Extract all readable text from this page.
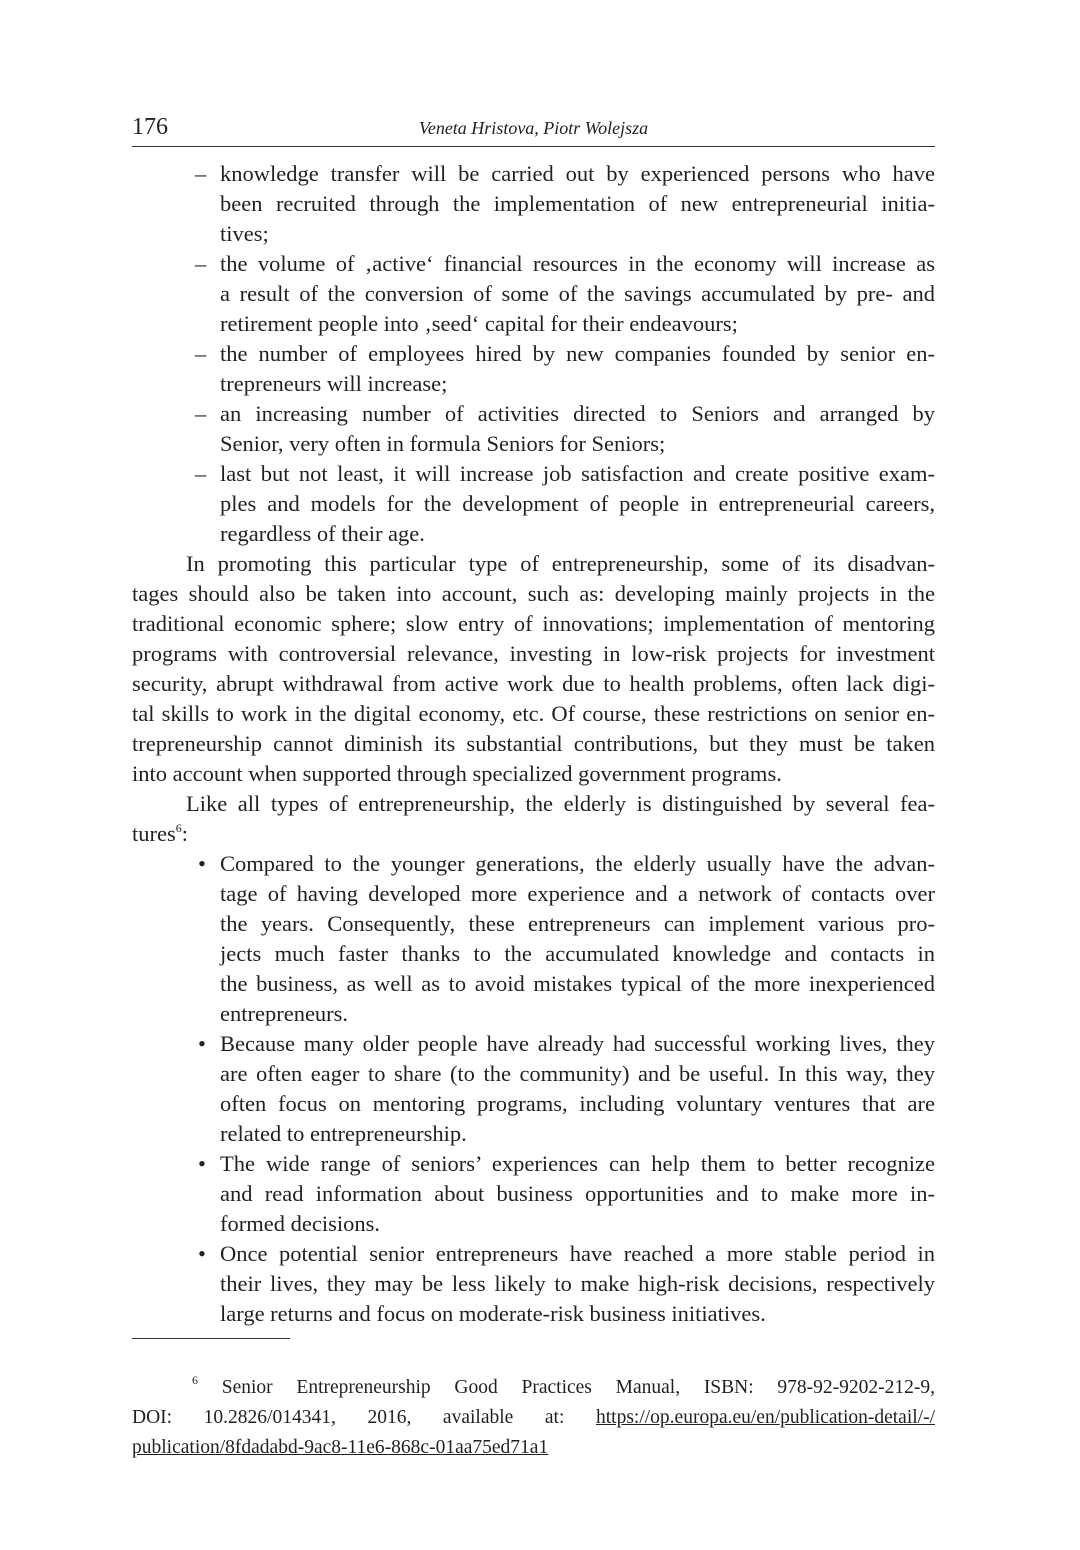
176	Veneta Hristova, Piotr Wolejsza
– knowledge transfer will be carried out by experienced persons who have
been recruited through the implementation of new entrepreneurial initia-
tives;
– the volume of ‚active‘ financial resources in the economy will increase as
a result of the conversion of some of the savings accumulated by pre- and
retirement people into ‚seed‘ capital for their endeavours;
– the number of employees hired by new companies founded by senior en-
trepreneurs will increase;
– an increasing number of activities directed to Seniors and arranged by
Senior, very often in formula Seniors for Seniors;
– last but not least, it will increase job satisfaction and create positive exam-
ples and models for the development of people in entrepreneurial careers,
regardless of their age.
In promoting this particular type of entrepreneurship, some of its disadvan-
tages should also be taken into account, such as: developing mainly projects in the
traditional economic sphere; slow entry of innovations; implementation of mentoring
programs with controversial relevance, investing in low-risk projects for investment
security, abrupt withdrawal from active work due to health problems, often lack digi-
tal skills to work in the digital economy, etc. Of course, these restrictions on senior en-
trepreneurship cannot diminish its substantial contributions, but they must be taken
into account when supported through specialized government programs.
Like all types of entrepreneurship, the elderly is distinguished by several fea-
tures$^6$:
• Compared to the younger generations, the elderly usually have the advan-
tage of having developed more experience and a network of contacts over
the years. Consequently, these entrepreneurs can implement various pro-
jects much faster thanks to the accumulated knowledge and contacts in
the business, as well as to avoid mistakes typical of the more inexperienced
entrepreneurs.
• Because many older people have already had successful working lives, they
are often eager to share (to the community) and be useful. In this way, they
often focus on mentoring programs, including voluntary ventures that are
related to entrepreneurship.
• The wide range of seniors’ experiences can help them to better recognize
and read information about business opportunities and to make more in-
formed decisions.
• Once potential senior entrepreneurs have reached a more stable period in
their lives, they may be less likely to make high-risk decisions, respectively
large returns and focus on moderate-risk business initiatives.
$^6$ Senior Entrepreneurship Good Practices Manual, ISBN: 978-92-9202-212-9,
DOI: 10.2826/014341, 2016, available at: https://op.europa.eu/en/publication-detail/-/
publication/8fdadabd-9ac8-11e6-868c-01aa75ed71a1
